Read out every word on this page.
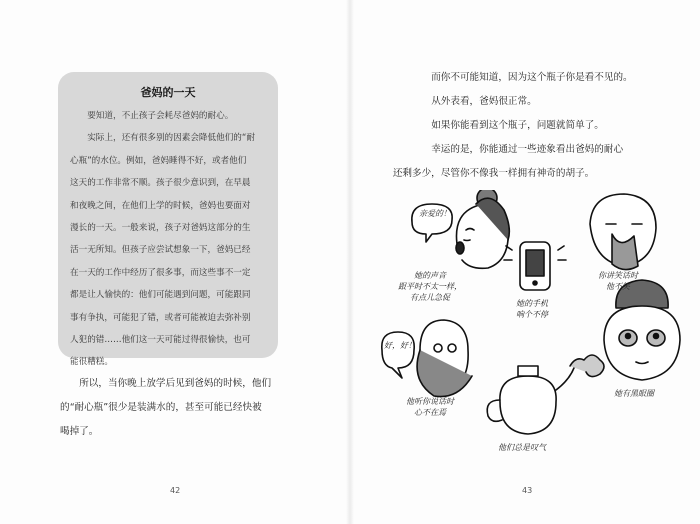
爸妈的一天

要知道，不止孩子会耗尽爸妈的耐心。

实际上，还有很多别的因素会降低他们的“耐

心瓶”的水位。例如，爸妈睡得不好，或者他们

这天的工作非常不顺。孩子很少意识到，在早晨

和夜晚之间，在他们上学的时候，爸妈也要面对

漫长的一天。一般来说，孩子对爸妈这部分的生

活一无所知。但孩子应尝试想象一下，爸妈已经

在一天的工作中经历了很多事，而这些事不一定

都是让人愉快的：他们可能遇到问题，可能跟同

事有争执，可能犯了错，或者可能被迫去弥补别

人犯的错……他们这一天可能过得很愉快，也可

能很糟糕。

所以，当你晚上放学后见到爸妈的时候，他们

的“耐心瓶”很少是装满水的，甚至可能已经快被

喝掉了。

42

而你不可能知道，因为这个瓶子你是看不见的。

从外表看，爸妈很正常。

如果你能看到这个瓶子，问题就简单了。

幸运的是，你能通过一些迹象看出爸妈的耐心

还剩多少，尽管你不像我一样拥有神奇的胡子。

亲爱的！
好，好！
她的声音
跟平时不太一样，
有点儿急促
她的手机
响个不停
你讲笑话时
他不笑
他听你说话时
心不在焉
他们总是叹气
她有黑眼圈
43
